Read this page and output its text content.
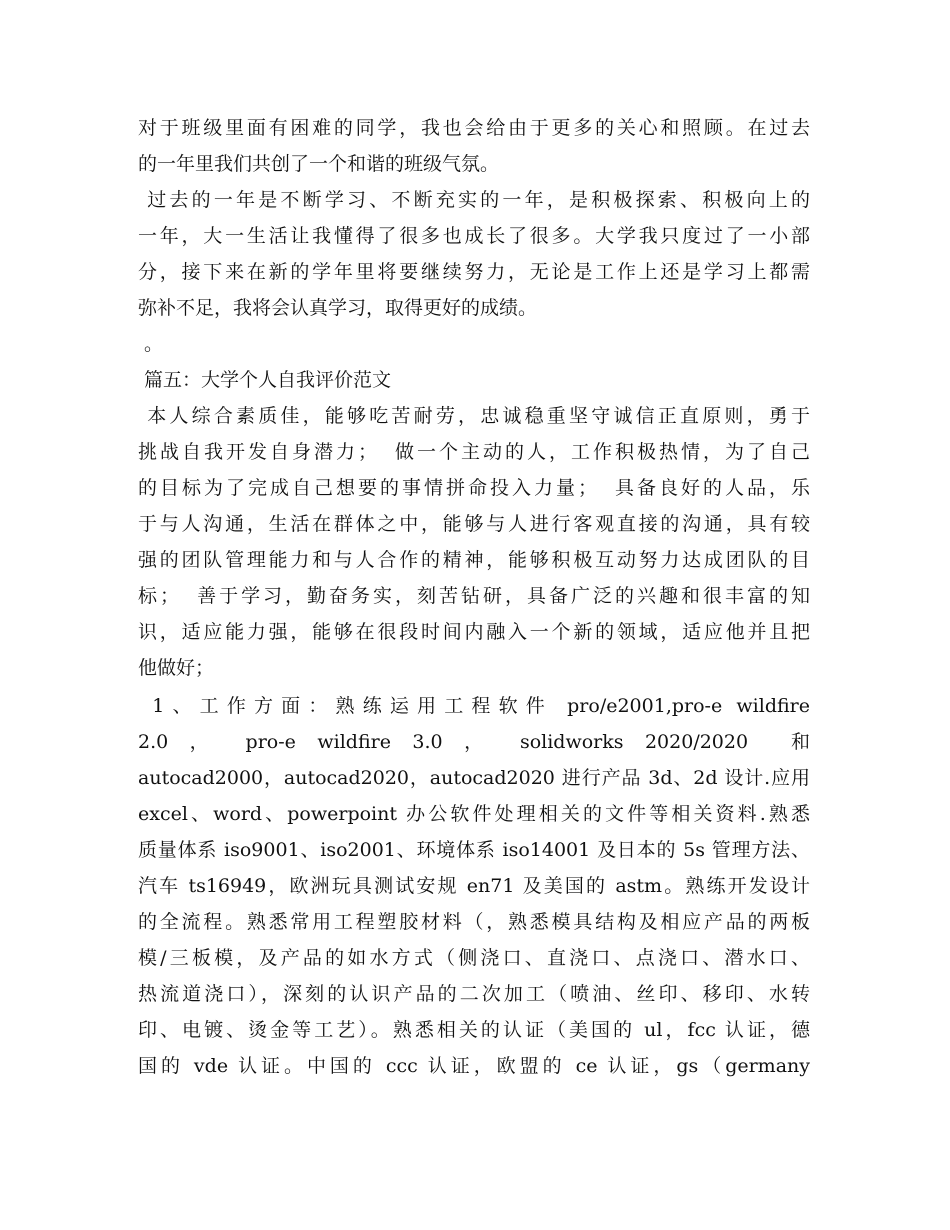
对于班级里面有困难的同学，我也会给由于更多的关心和照顾。在过去
的一年里我们共创了一个和谐的班级气氛。
过去的一年是不断学习、不断充实的一年，是积极探索、积极向上的
一年，大一生活让我懂得了很多也成长了很多。大学我只度过了一小部
分，接下来在新的学年里将要继续努力，无论是工作上还是学习上都需
弥补不足，我将会认真学习，取得更好的成绩。
。
篇五：大学个人自我评价范文
本人综合素质佳，能够吃苦耐劳，忠诚稳重坚守诚信正直原则，勇于
挑战自我开发自身潜力；  做一个主动的人，工作积极热情，为了自己
的目标为了完成自己想要的事情拼命投入力量；  具备良好的人品，乐
于与人沟通，生活在群体之中，能够与人进行客观直接的沟通，具有较
强的团队管理能力和与人合作的精神，能够积极互动努力达成团队的目
标；  善于学习，勤奋务实，刻苦钻研，具备广泛的兴趣和很丰富的知
识，适应能力强，能够在很段时间内融入一个新的领域，适应他并且把
他做好；
1、工作方面：熟练运用工程软件 pro/e2001,pro-e wildfire
2.0 ， pro-e wildfire 3.0 ， solidworks 2020/2020  和
autocad2000，autocad2020，autocad2020 进行产品 3d、2d 设计.应用
excel、word、powerpoint 办公软件处理相关的文件等相关资料.熟悉
质量体系 iso9001、iso2001、环境体系 iso14001 及日本的 5s 管理方法、
汽车 ts16949，欧洲玩具测试安规 en71 及美国的 astm。熟练开发设计
的全流程。熟悉常用工程塑胶材料（，熟悉模具结构及相应产品的两板
模/三板模，及产品的如水方式（侧浇口、直浇口、点浇口、潜水口、
热流道浇口），深刻的认识产品的二次加工（喷油、丝印、移印、水转
印、电镀、烫金等工艺）。熟悉相关的认证（美国的 ul，fcc 认证，德
国的 vde 认证。中国的 ccc 认证，欧盟的 ce 认证，gs（germany
